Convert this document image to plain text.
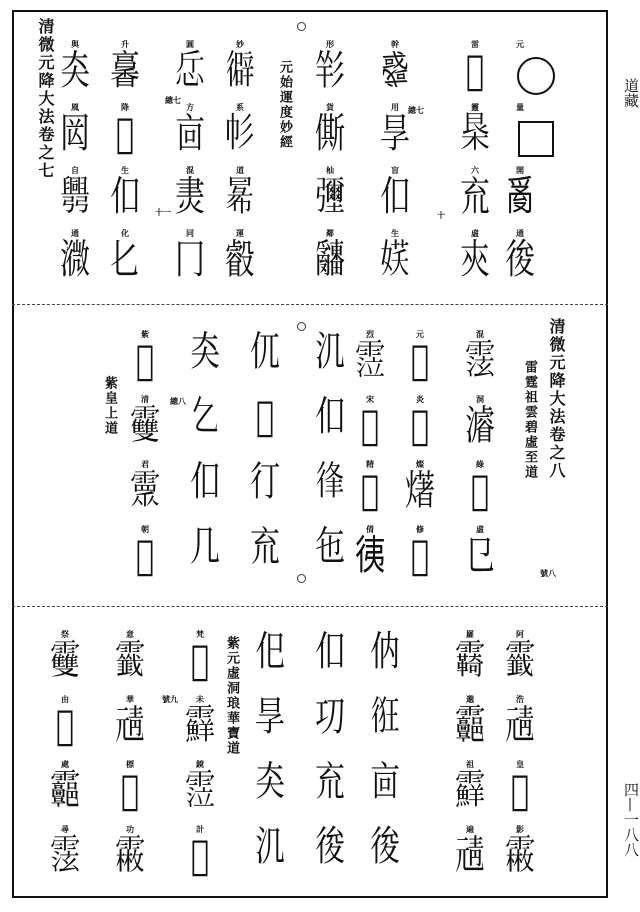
道藏
四—一八八
清微元降大法卷之七	元始運度妙經
十
總七
十一
總七
元
量
開
𤔔
通
𢓭
雷
𢗻
靈
𣐻
六
㐬
虛
㚒
幹
𢨋
用
㫗
盲
㐰
生
𡝩
形
𢒑
貨
㒋
杣
𢑃
鄰
𤕌
妙
𢕾
系
𢁘
道
𢑢
運
㲊
圓
𢗹
方
㐭
混
㶳
同
冂
升
㐯
降
𤕋
生
㐰
化
𠤎
與
㚐
風
㒺
自
𢑅
通
㵟
清微元降大法卷之八
雷霆祖雲碧虛至道
紫皇上道
號八
總八
混
𩃚
洞
𤀹
綠
𢑛
虛
㔾
元
𩆡
炎
𩆦
燦
𤏸
修
𤐘
烈
𩃜
宋
𩄓
精
𩄰
倩
𢓡
㲹
㐰
𢓱
㐌
㐳
𢓨
㣔
㐬
㚐
𠃉
㐰
几
紫
𩄒
清
𩆿
君
𩅉
朝
𩆪
紫元虛洞琅華寶道
號九
阿
𩆷
浩
𩇖
皇
𩄰
影
𩅤
羅
𩆺
邈
𩇑
祖
𩆵
遍
𩇖
㐻
𢓯
㐭
𢓭
㐰
㓛
㐬
𢓭
㐶
㫗
㚐
㲹
梵
𩇐
未
𩆵
鏡
𩃜
計
𩅋
意
𩆷
華
𩇖
標
𩆪
功
𩅤
祭
𩆿
由
𩄓
處
𩇑
尋
𩃚
